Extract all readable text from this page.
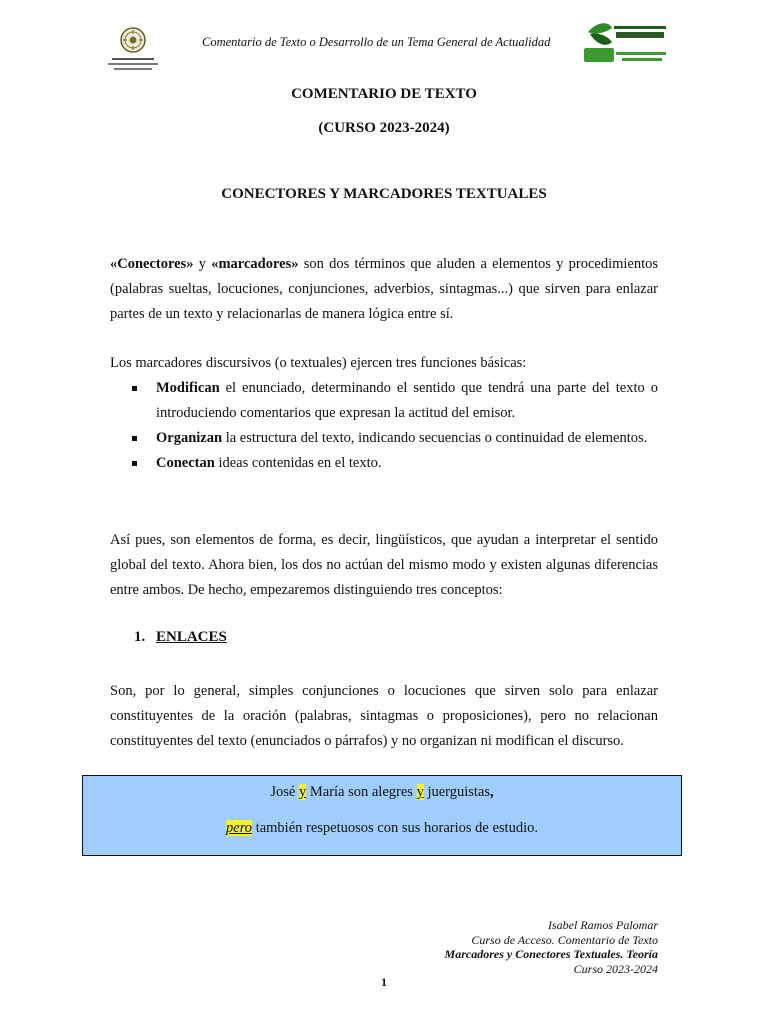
Comentario de Texto o Desarrollo de un Tema General de Actualidad
COMENTARIO DE TEXTO
(CURSO 2023-2024)
CONECTORES Y MARCADORES TEXTUALES
«Conectores» y «marcadores» son dos términos que aluden a elementos y procedimientos (palabras sueltas, locuciones, conjunciones, adverbios, sintagmas...) que sirven para enlazar partes de un texto y relacionarlas de manera lógica entre sí.
Los marcadores discursivos (o textuales) ejercen tres funciones básicas:
Modifican el enunciado, determinando el sentido que tendrá una parte del texto o introduciendo comentarios que expresan la actitud del emisor.
Organizan la estructura del texto, indicando secuencias o continuidad de elementos.
Conectan ideas contenidas en el texto.
Así pues, son elementos de forma, es decir, lingüísticos, que ayudan a interpretar el sentido global del texto. Ahora bien, los dos no actúan del mismo modo y existen algunas diferencias entre ambos. De hecho, empezaremos distinguiendo tres conceptos:
1. ENLACES
Son, por lo general, simples conjunciones o locuciones que sirven solo para enlazar constituyentes de la oración (palabras, sintagmas o proposiciones), pero no relacionan constituyentes del texto (enunciados o párrafos) y no organizan ni modifican el discurso.
José y María son alegres y juerguistas,
pero también respetuosos con sus horarios de estudio.
Isabel Ramos Palomar
Curso de Acceso. Comentario de Texto
Marcadores y Conectores Textuales. Teoría
Curso 2023-2024
1
